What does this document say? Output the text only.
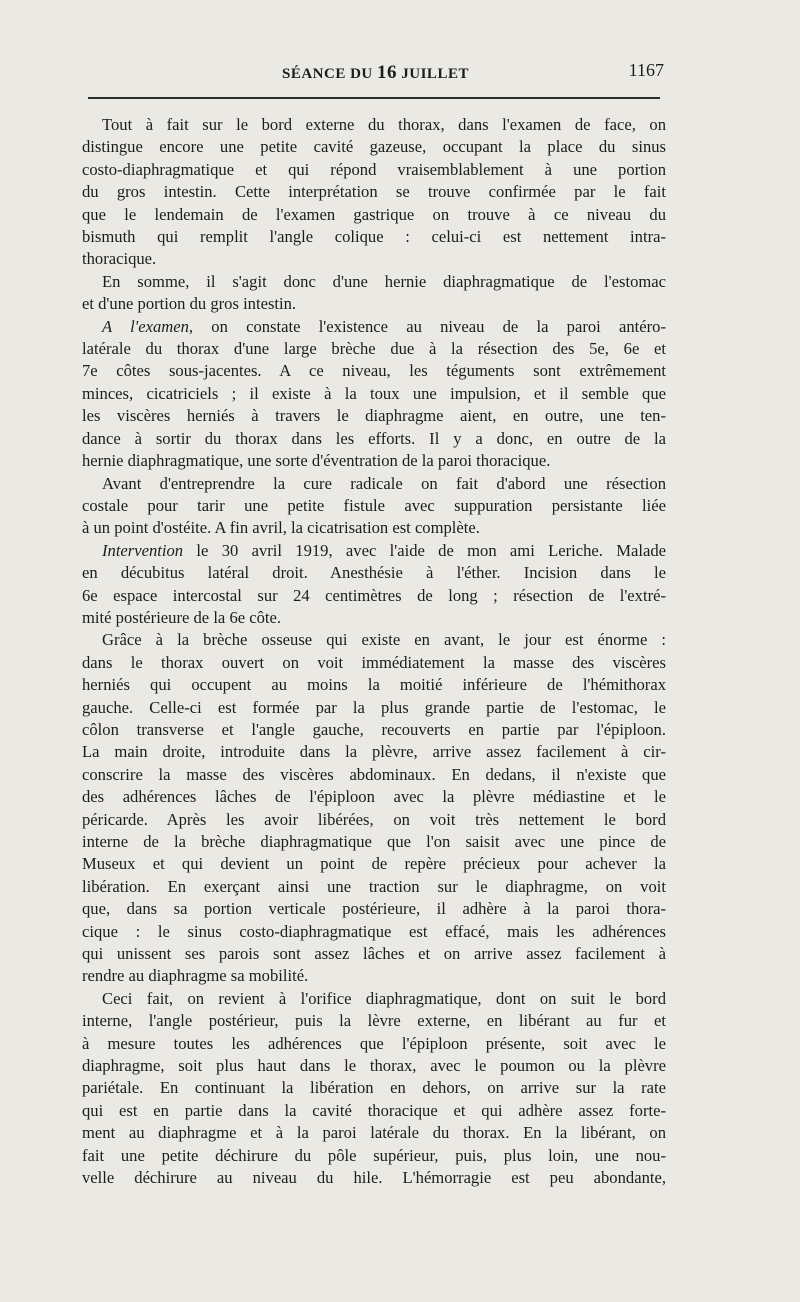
SÉANCE DU 16 JUILLET	1167
Tout à fait sur le bord externe du thorax, dans l'examen de face, on
distingue encore une petite cavité gazeuse, occupant la place du sinus
costo-diaphragmatique et qui répond vraisemblablement à une portion
du gros intestin. Cette interprétation se trouve confirmée par le fait
que le lendemain de l'examen gastrique on trouve à ce niveau du
bismuth qui remplit l'angle colique : celui-ci est nettement intra-
thoracique.
En somme, il s'agit donc d'une hernie diaphragmatique de l'estomac
et d'une portion du gros intestin.
A l'examen, on constate l'existence au niveau de la paroi antéro-
latérale du thorax d'une large brèche due à la résection des 5e, 6e et
7e côtes sous-jacentes. A ce niveau, les téguments sont extrêmement
minces, cicatriciels ; il existe à la toux une impulsion, et il semble que
les viscères herniés à travers le diaphragme aient, en outre, une ten-
dance à sortir du thorax dans les efforts. Il y a donc, en outre de la
hernie diaphragmatique, une sorte d'éventration de la paroi thoracique.
Avant d'entreprendre la cure radicale on fait d'abord une résection
costale pour tarir une petite fistule avec suppuration persistante liée
à un point d'ostéite. A fin avril, la cicatrisation est complète.
Intervention le 30 avril 1919, avec l'aide de mon ami Leriche. Malade
en décubitus latéral droit. Anesthésie à l'éther. Incision dans le
6e espace intercostal sur 24 centimètres de long ; résection de l'extré-
mité postérieure de la 6e côte.
Grâce à la brèche osseuse qui existe en avant, le jour est énorme :
dans le thorax ouvert on voit immédiatement la masse des viscères
herniés qui occupent au moins la moitié inférieure de l'hémithorax
gauche. Celle-ci est formée par la plus grande partie de l'estomac, le
côlon transverse et l'angle gauche, recouverts en partie par l'épiploon.
La main droite, introduite dans la plèvre, arrive assez facilement à cir-
conscrire la masse des viscères abdominaux. En dedans, il n'existe que
des adhérences lâches de l'épiploon avec la plèvre médiastine et le
péricarde. Après les avoir libérées, on voit très nettement le bord
interne de la brèche diaphragmatique que l'on saisit avec une pince de
Museux et qui devient un point de repère précieux pour achever la
libération. En exerçant ainsi une traction sur le diaphragme, on voit
que, dans sa portion verticale postérieure, il adhère à la paroi thora-
cique : le sinus costo-diaphragmatique est effacé, mais les adhérences
qui unissent ses parois sont assez lâches et on arrive assez facilement à
rendre au diaphragme sa mobilité.
Ceci fait, on revient à l'orifice diaphragmatique, dont on suit le bord
interne, l'angle postérieur, puis la lèvre externe, en libérant au fur et
à mesure toutes les adhérences que l'épiploon présente, soit avec le
diaphragme, soit plus haut dans le thorax, avec le poumon ou la plèvre
pariétale. En continuant la libération en dehors, on arrive sur la rate
qui est en partie dans la cavité thoracique et qui adhère assez forte-
ment au diaphragme et à la paroi latérale du thorax. En la libérant, on
fait une petite déchirure du pôle supérieur, puis, plus loin, une nou-
velle déchirure au niveau du hile. L'hémorragie est peu abondante,
